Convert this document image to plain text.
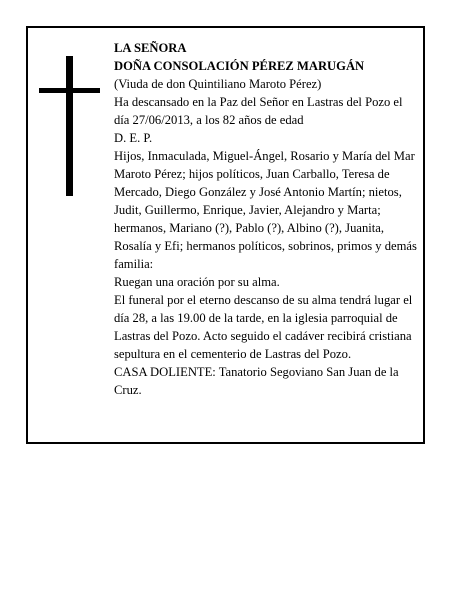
LA SEÑORA

DOÑA CONSOLACIÓN PÉREZ MARUGÁN

(Viuda de don Quintiliano Maroto Pérez)

Ha descansado en la Paz del Señor en Lastras del Pozo el día 27/06/2013, a los 82 años de edad

D. E. P.

Hijos, Inmaculada, Miguel-Ángel, Rosario y María del Mar Maroto Pérez; hijos políticos, Juan Carballo, Teresa de Mercado, Diego González y José Antonio Martín; nietos, Judit, Guillermo, Enrique, Javier, Alejandro y Marta; hermanos, Mariano (?), Pablo (?), Albino (?), Juanita, Rosalía y Efi; hermanos políticos, sobrinos, primos y demás familia:

Ruegan una oración por su alma.

El funeral por el eterno descanso de su alma tendrá lugar el día 28, a las 19.00 de la tarde, en la iglesia parroquial de Lastras del Pozo. Acto seguido el cadáver recibirá cristiana sepultura en el cementerio de Lastras del Pozo.

CASA DOLIENTE: Tanatorio Segoviano San Juan de la Cruz.
